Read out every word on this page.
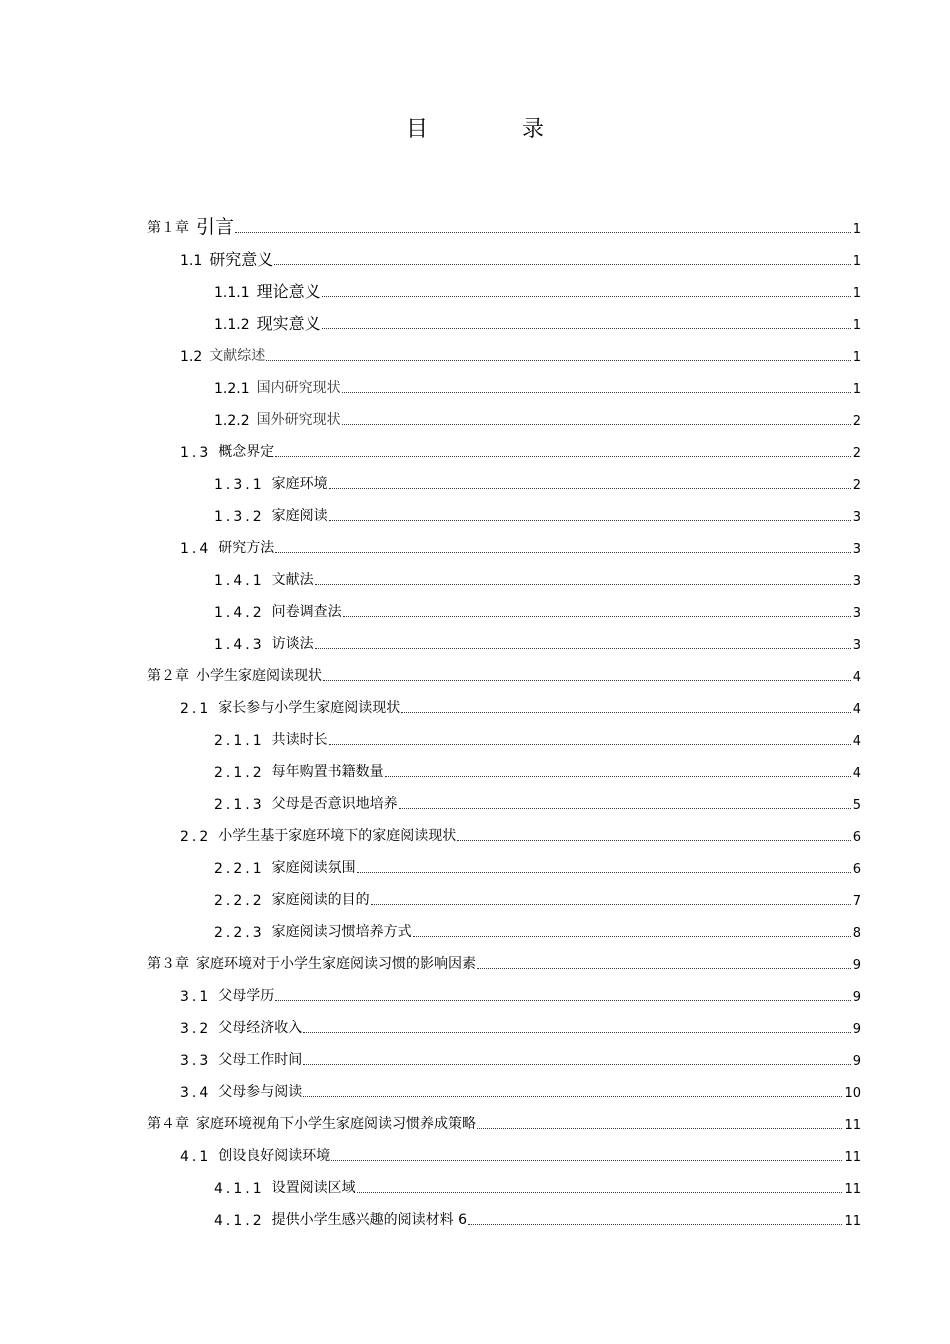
目　录
第１章 引言	1
1.1 研究意义	1
1.1.1 理论意义	1
1.1.2 现实意义	1
1.2 文献综述	1
1.2.1 国内研究现状	1
1.2.2 国外研究现状	2
1.3 概念界定	2
1.3.1 家庭环境	2
1.3.2 家庭阅读	3
1.4 研究方法	3
1.4.1 文献法	3
1.4.2 问卷调查法	3
1.4.3 访谈法	3
第２章 小学生家庭阅读现状	4
2.1 家长参与小学生家庭阅读现状	4
2.1.1 共读时长	4
2.1.2 每年购置书籍数量	4
2.1.3 父母是否意识地培养	5
2.2 小学生基于家庭环境下的家庭阅读现状	6
2.2.1 家庭阅读氛围	6
2.2.2 家庭阅读的目的	7
2.2.3 家庭阅读习惯培养方式	8
第３章 家庭环境对于小学生家庭阅读习惯的影响因素	9
3.1 父母学历	9
3.2 父母经济收入	9
3.3 父母工作时间	9
3.4 父母参与阅读	10
第４章 家庭环境视角下小学生家庭阅读习惯养成策略	11
4.1 创设良好阅读环境	11
4.1.1 设置阅读区域	11
4.1.2 提供小学生感兴趣的阅读材料 6	11
